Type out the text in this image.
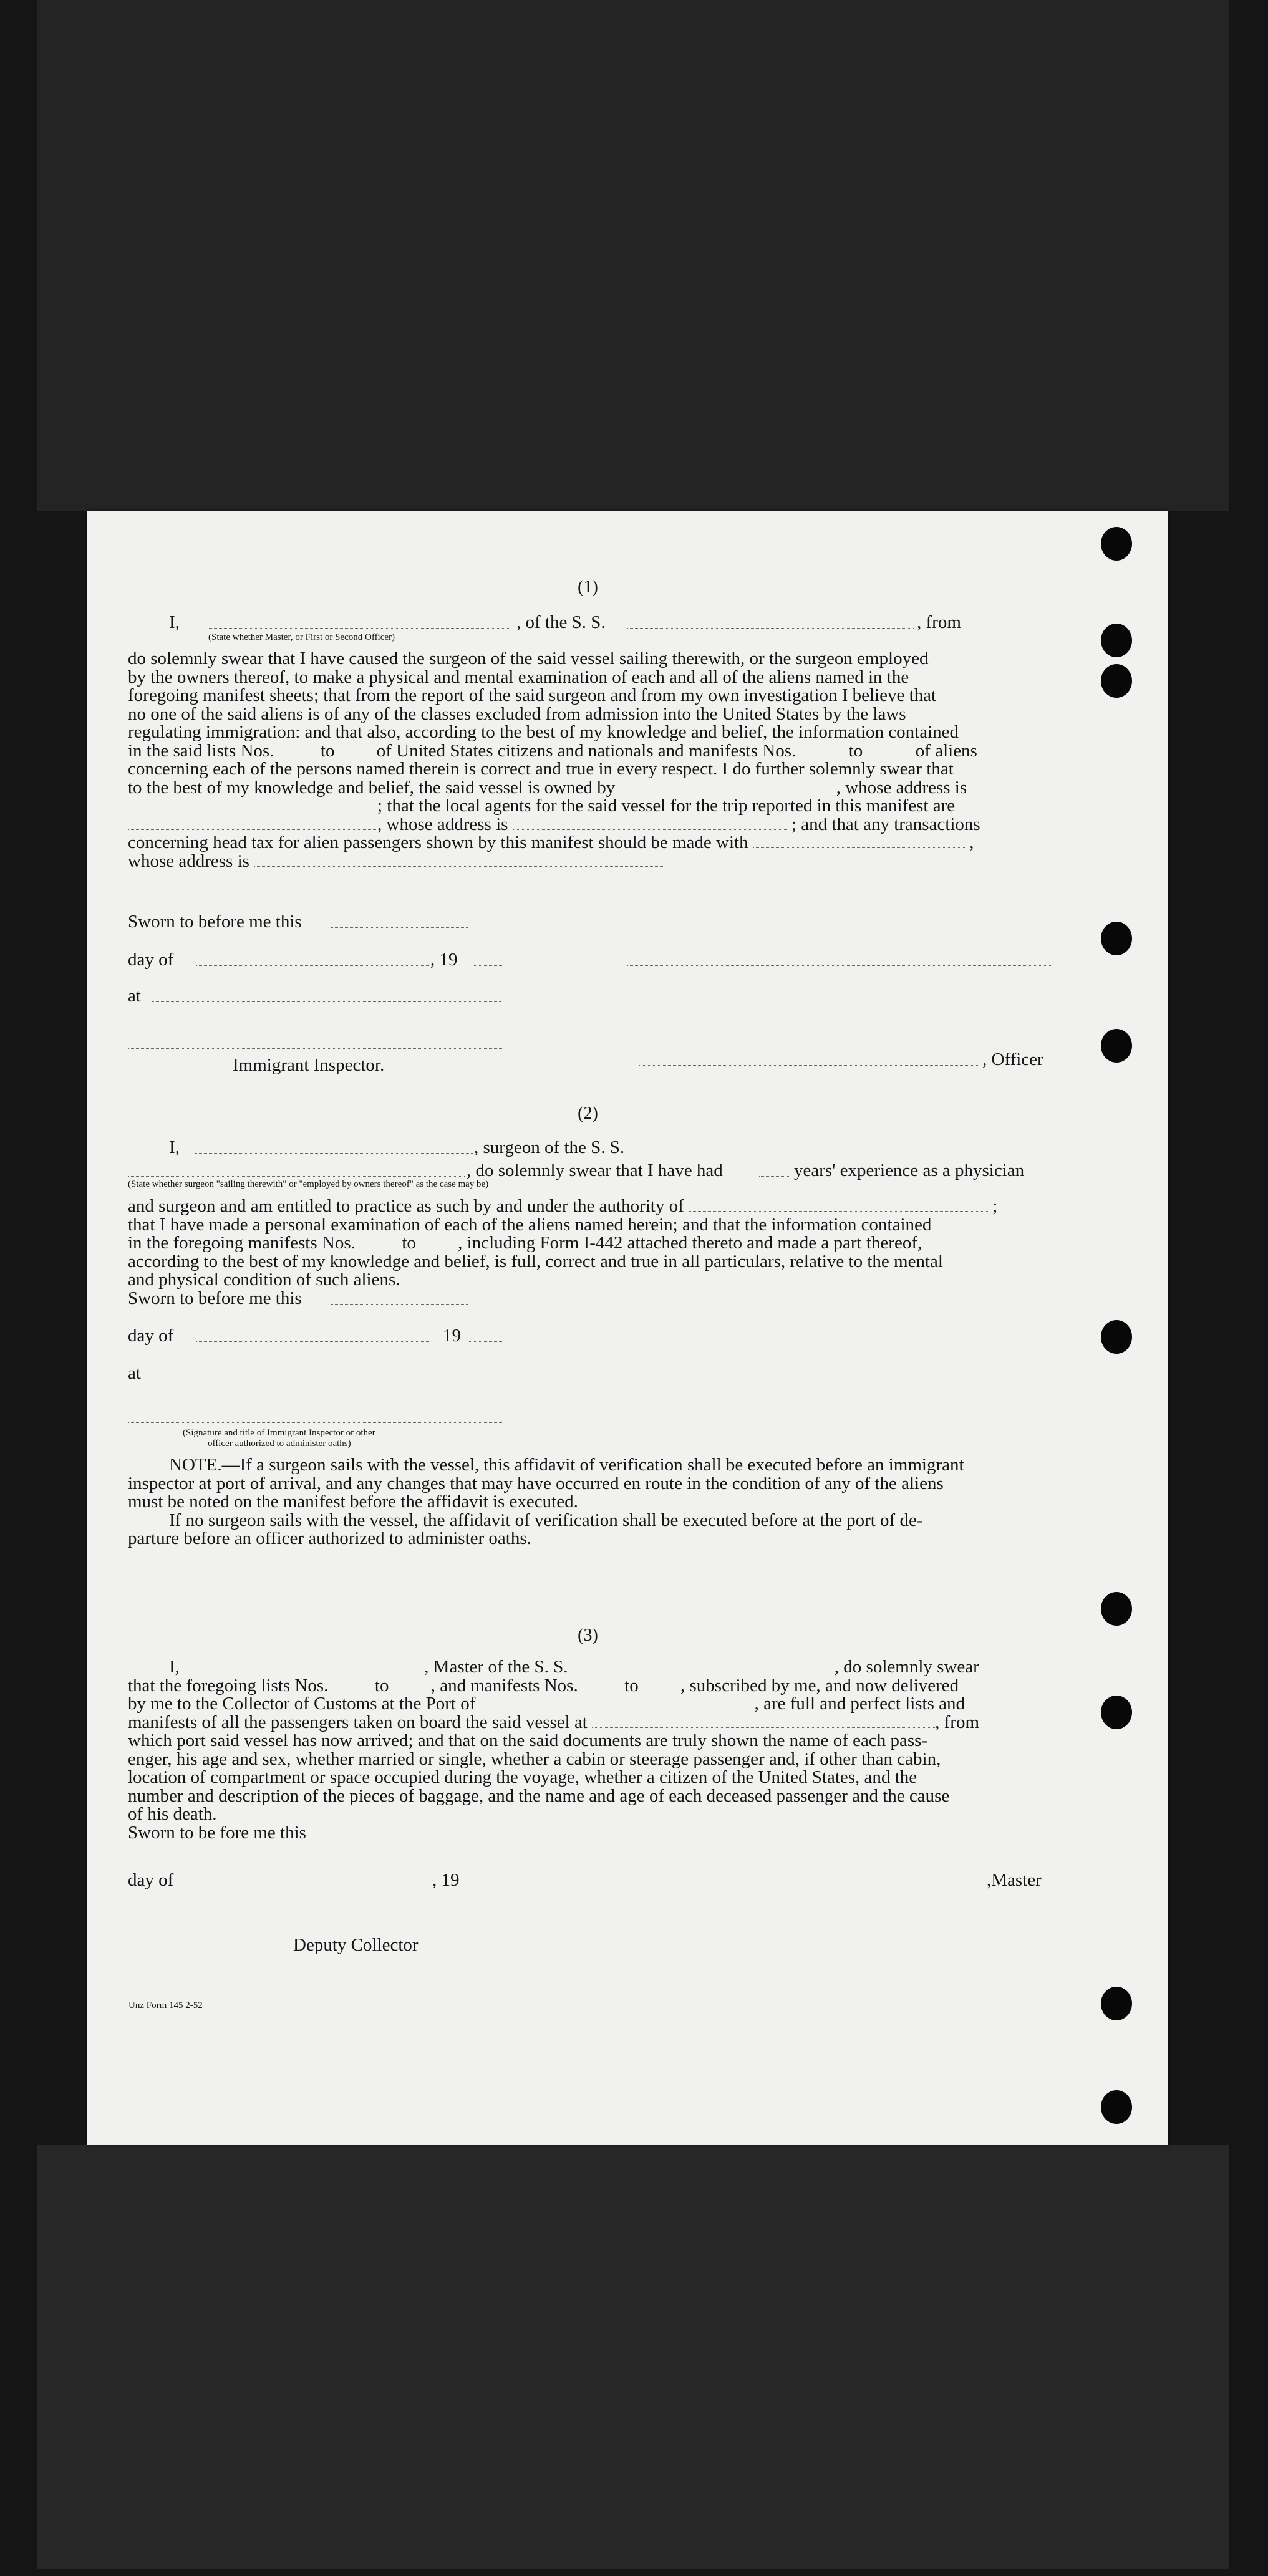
(1)
I,	, of the S. S.	, from
(State whether Master, or First or Second Officer)

do solemnly swear that I have caused the surgeon of the said vessel sailing therewith, or the surgeon employed
by the owners thereof, to make a physical and mental examination of each and all of the aliens named in the
foregoing manifest sheets; that from the report of the said surgeon and from my own investigation I believe that
no one of the said aliens is of any of the classes excluded from admission into the United States by the laws
regulating immigration: and that also, according to the best of my knowledge and belief, the information contained
in the said lists Nos.	to of United States citizens and nationals and manifests Nos.	to	of aliens
concerning each of the persons named therein is correct and true in every respect. I do further solemnly swear that
to the best of my knowledge and belief, the said vessel is owned by	, whose address is
; that the local agents for the said vessel for the trip reported in this manifest are
, whose address is	; and that any transactions
concerning head tax for alien passengers shown by this manifest should be made with	,
whose address is

Sworn to before me this
day of	, 19
at
Immigrant Inspector.	, Officer
(2)
I,	, surgeon of the S. S.
, do solemnly swear that I have had	years' experience as a physician
(State whether surgeon "sailing therewith" or "employed by owners thereof" as the case may be)

and surgeon and am entitled to practice as such by and under the authority of	;
that I have made a personal examination of each of the aliens named herein; and that the information contained
in the foregoing manifests Nos.	to , including Form I-442 attached thereto and made a part thereof,
according to the best of my knowledge and belief, is full, correct and true in all particulars, relative to the mental
and physical condition of such aliens.

Sworn to before me this
day of	19
at
(Signature and title of Immigrant Inspector or other
officer authorized to administer oaths)

NOTE.—If a surgeon sails with the vessel, this affidavit of verification shall be executed before an immigrant
inspector at port of arrival, and any changes that may have occurred en route in the condition of any of the aliens
must be noted on the manifest before the affidavit is executed.
If no surgeon sails with the vessel, the affidavit of verification shall be executed before at the port of de-
parture before an officer authorized to administer oaths.

(3)

I,	, Master of the S. S.	, do solemnly swear
that the foregoing lists Nos.	to , and manifests Nos.	to , subscribed by me, and now delivered
by me to the Collector of Customs at the Port of	, are full and perfect lists and
manifests of all the passengers taken on board the said vessel at	, from
which port said vessel has now arrived; and that on the said documents are truly shown the name of each pass-
enger, his age and sex, whether married or single, whether a cabin or steerage passenger and, if other than cabin,
location of compartment or space occupied during the voyage, whether a citizen of the United States, and the
number and description of the pieces of baggage, and the name and age of each deceased passenger and the cause
of his death.
Sworn to be fore me this

day of	, 19	,Master
Deputy Collector
Unz Form 145 2-52
